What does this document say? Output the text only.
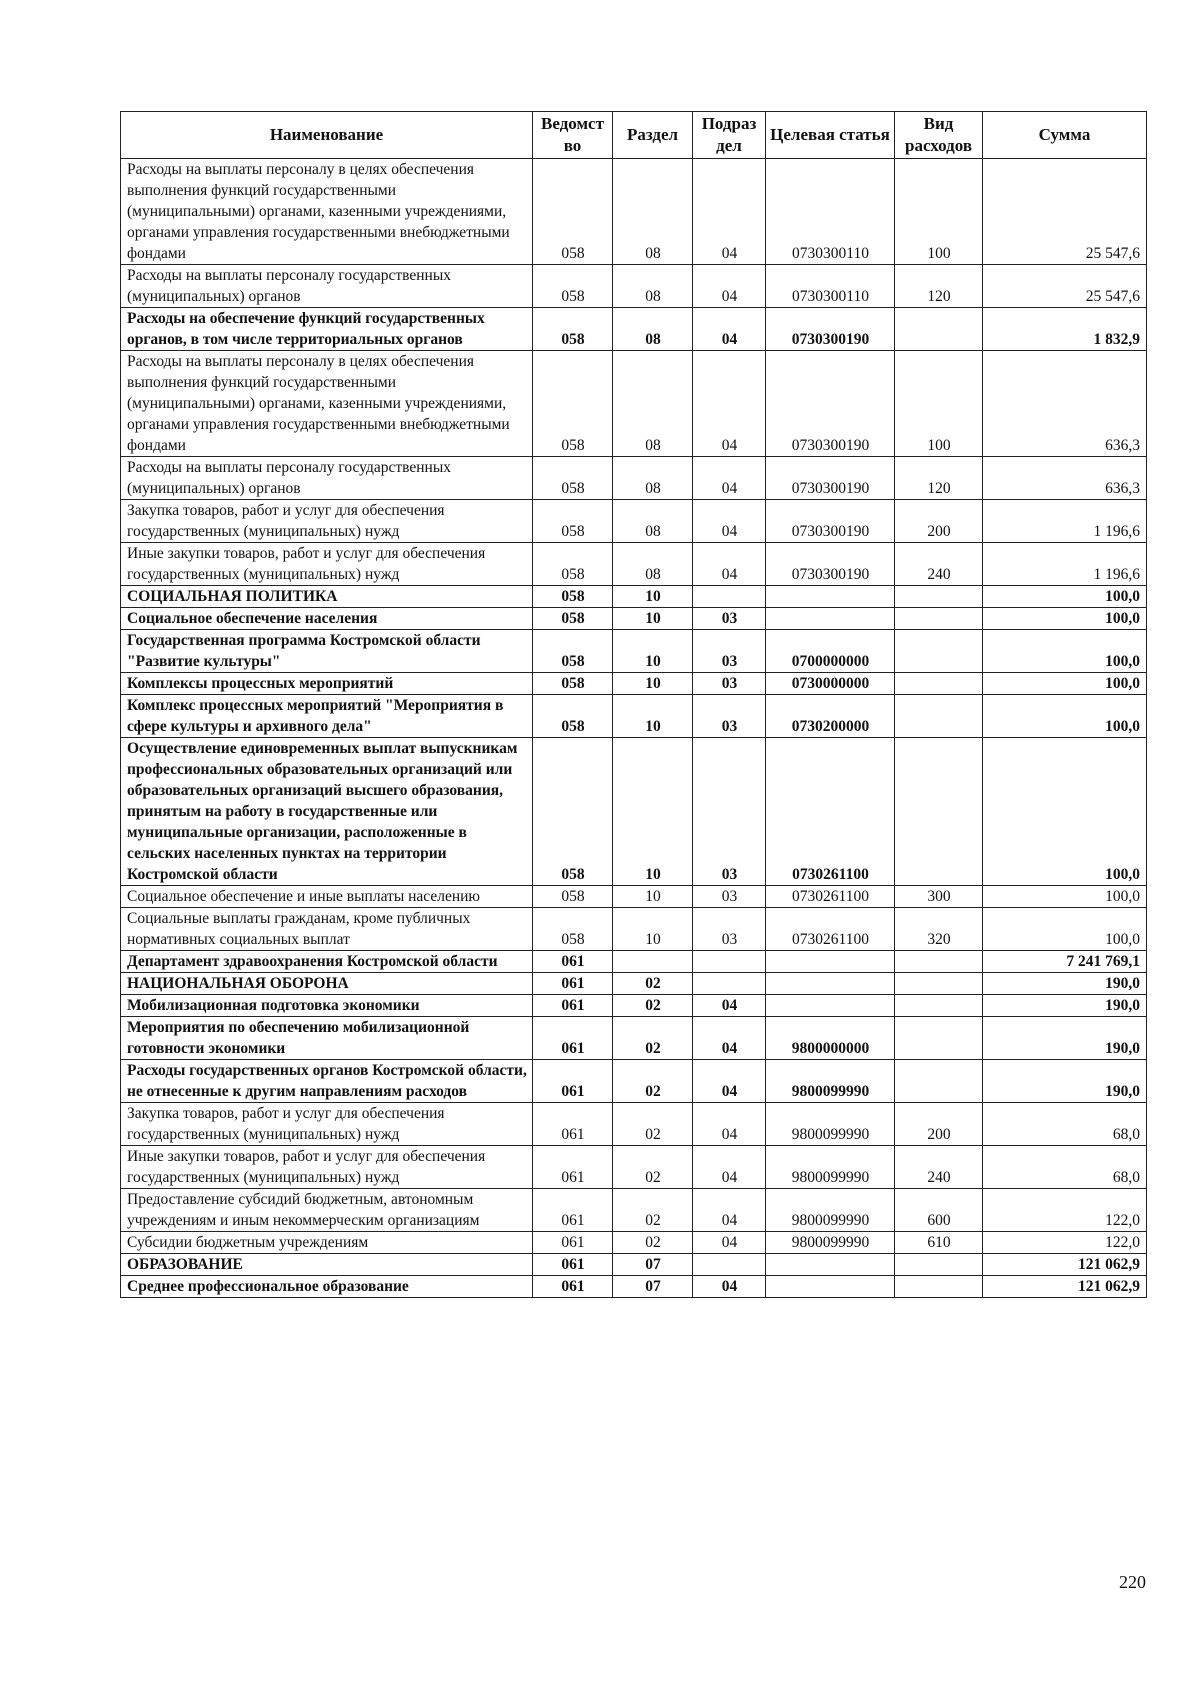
Наименование	Ведомст во	Раздел	Подраз дел	Целевая статья	Вид расходов	Сумма
Расходы на выплаты персоналу в целях обеспечения выполнения функций государственными (муниципальными) органами, казенными учреждениями, органами управления государственными внебюджетными фондами	058	08	04	0730300110	100	25 547,6
Расходы на выплаты персоналу государственных (муниципальных) органов	058	08	04	0730300110	120	25 547,6
Расходы на обеспечение функций государственных органов, в том числе территориальных органов	058	08	04	0730300190		1 832,9
Расходы на выплаты персоналу в целях обеспечения выполнения функций государственными (муниципальными) органами, казенными учреждениями, органами управления государственными внебюджетными фондами	058	08	04	0730300190	100	636,3
Расходы на выплаты персоналу государственных (муниципальных) органов	058	08	04	0730300190	120	636,3
Закупка товаров, работ и услуг для обеспечения государственных (муниципальных) нужд	058	08	04	0730300190	200	1 196,6
Иные закупки товаров, работ и услуг для обеспечения государственных (муниципальных) нужд	058	08	04	0730300190	240	1 196,6
СОЦИАЛЬНАЯ ПОЛИТИКА	058	10				100,0
Социальное обеспечение населения	058	10	03			100,0
Государственная программа Костромской области "Развитие культуры"	058	10	03	0700000000		100,0
Комплексы процессных мероприятий	058	10	03	0730000000		100,0
Комплекс процессных мероприятий "Мероприятия в сфере культуры и архивного дела"	058	10	03	0730200000		100,0
Осуществление единовременных выплат выпускникам профессиональных образовательных организаций или образовательных организаций высшего образования, принятым на работу в государственные или муниципальные организации, расположенные в сельских населенных пунктах на территории Костромской области	058	10	03	0730261100		100,0
Социальное обеспечение и иные выплаты населению	058	10	03	0730261100	300	100,0
Социальные выплаты гражданам, кроме публичных нормативных социальных выплат	058	10	03	0730261100	320	100,0
Департамент здравоохранения Костромской области	061					7 241 769,1
НАЦИОНАЛЬНАЯ ОБОРОНА	061	02				190,0
Мобилизационная подготовка экономики	061	02	04			190,0
Мероприятия по обеспечению мобилизационной готовности экономики	061	02	04	9800000000		190,0
Расходы государственных органов Костромской области, не отнесенные к другим направлениям расходов	061	02	04	9800099990		190,0
Закупка товаров, работ и услуг для обеспечения государственных (муниципальных) нужд	061	02	04	9800099990	200	68,0
Иные закупки товаров, работ и услуг для обеспечения государственных (муниципальных) нужд	061	02	04	9800099990	240	68,0
Предоставление субсидий бюджетным, автономным учреждениям и иным некоммерческим организациям	061	02	04	9800099990	600	122,0
Субсидии бюджетным учреждениям	061	02	04	9800099990	610	122,0
ОБРАЗОВАНИЕ	061	07				121 062,9
Среднее профессиональное образование	061	07	04			121 062,9
220
